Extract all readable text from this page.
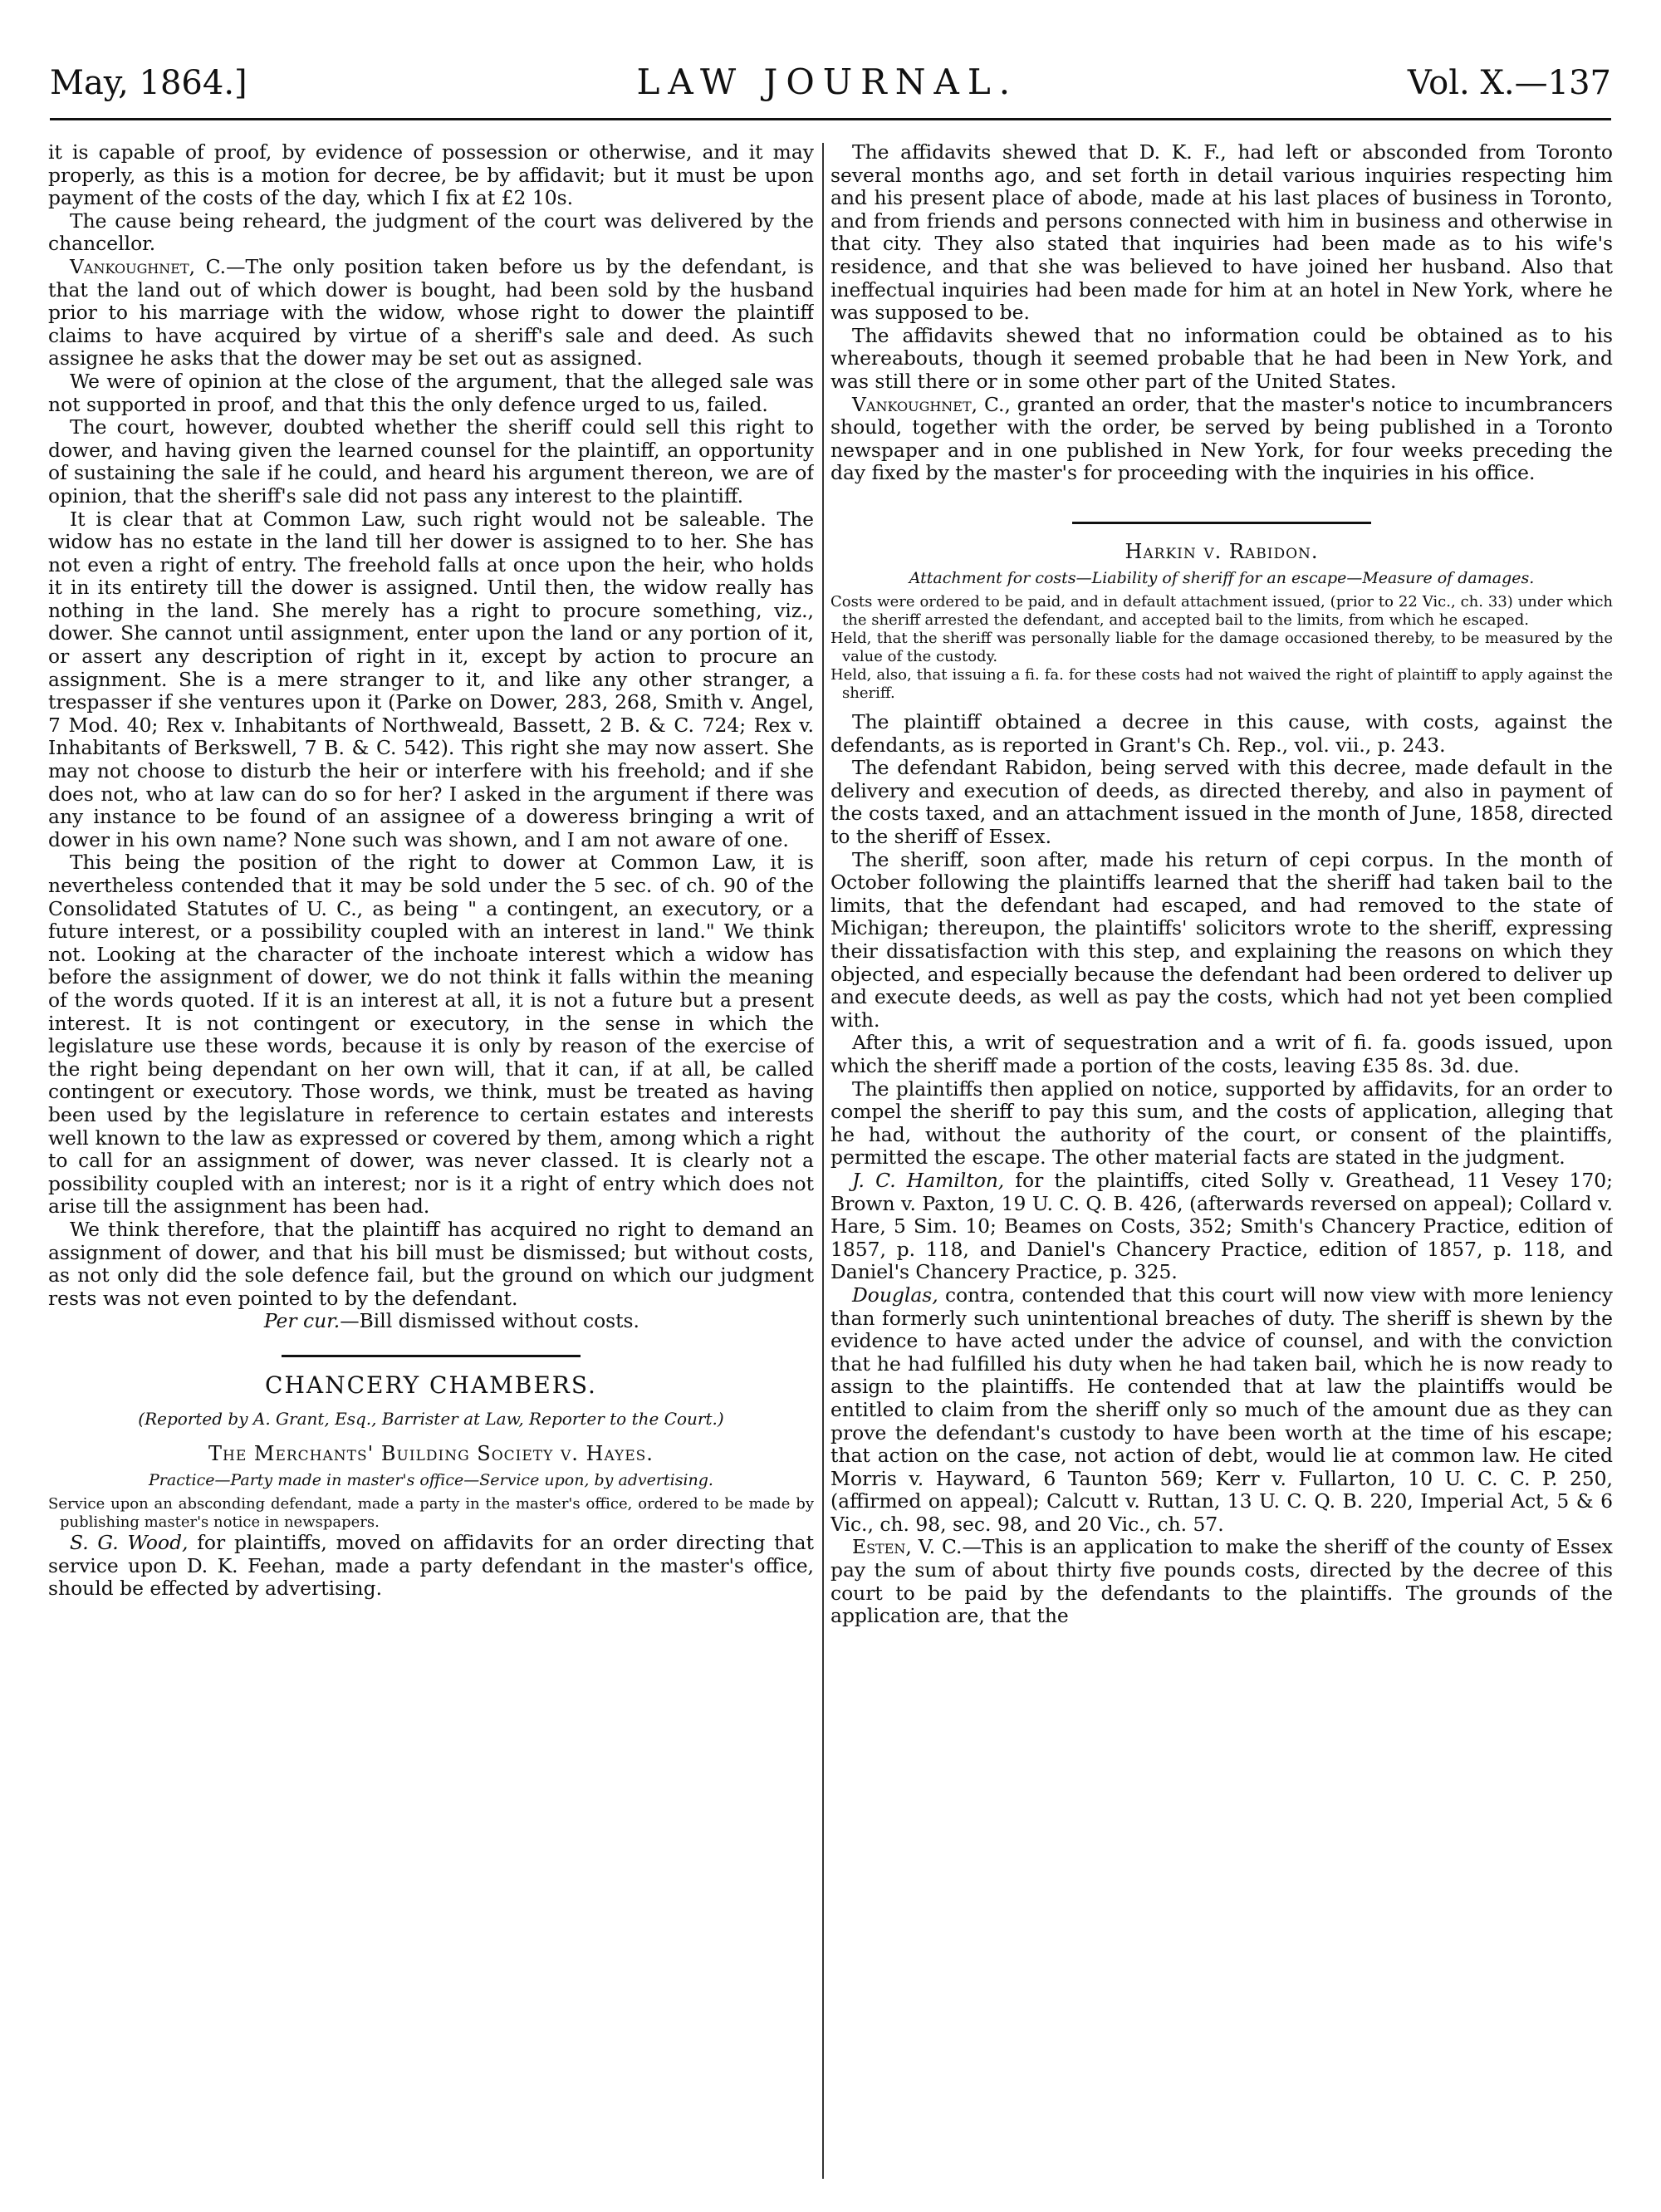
May, 1864.]	LAW JOURNAL.	Vol. X.—137

it is capable of proof, by evidence of possession or otherwise, and it may properly, as this is a motion for decree, be by affidavit; but it must be upon payment of the costs of the day, which I fix at £2 10s.

The cause being reheard, the judgment of the court was delivered by the chancellor.

Vankoughnet, C.—The only position taken before us by the defendant, is that the land out of which dower is bought, had been sold by the husband prior to his marriage with the widow, whose right to dower the plaintiff claims to have acquired by virtue of a sheriff's sale and deed. As such assignee he asks that the dower may be set out as assigned.

We were of opinion at the close of the argument, that the alleged sale was not supported in proof, and that this the only defence urged to us, failed.

The court, however, doubted whether the sheriff could sell this right to dower, and having given the learned counsel for the plaintiff, an opportunity of sustaining the sale if he could, and heard his argument thereon, we are of opinion, that the sheriff's sale did not pass any interest to the plaintiff.

It is clear that at Common Law, such right would not be saleable. The widow has no estate in the land till her dower is assigned to to her. She has not even a right of entry. The freehold falls at once upon the heir, who holds it in its entirety till the dower is assigned. Until then, the widow really has nothing in the land. She merely has a right to procure something, viz., dower. She cannot until assignment, enter upon the land or any portion of it, or assert any description of right in it, except by action to procure an assignment. She is a mere stranger to it, and like any other stranger, a trespasser if she ventures upon it (Parke on Dower, 283, 268, Smith v. Angel, 7 Mod. 40; Rex v. Inhabitants of Northweald, Bassett, 2 B. & C. 724; Rex v. Inhabitants of Berkswell, 7 B. & C. 542). This right she may now assert. She may not choose to disturb the heir or interfere with his freehold; and if she does not, who at law can do so for her? I asked in the argument if there was any instance to be found of an assignee of a doweress bringing a writ of dower in his own name? None such was shown, and I am not aware of one.

This being the position of the right to dower at Common Law, it is nevertheless contended that it may be sold under the 5 sec. of ch. 90 of the Consolidated Statutes of U. C., as being " a contingent, an executory, or a future interest, or a possibility coupled with an interest in land." We think not. Looking at the character of the inchoate interest which a widow has before the assignment of dower, we do not think it falls within the meaning of the words quoted. If it is an interest at all, it is not a future but a present interest. It is not contingent or executory, in the sense in which the legislature use these words, because it is only by reason of the exercise of the right being dependant on her own will, that it can, if at all, be called contingent or executory. Those words, we think, must be treated as having been used by the legislature in reference to certain estates and interests well known to the law as expressed or covered by them, among which a right to call for an assignment of dower, was never classed. It is clearly not a possibility coupled with an interest; nor is it a right of entry which does not arise till the assignment has been had.

We think therefore, that the plaintiff has acquired no right to demand an assignment of dower, and that his bill must be dismissed; but without costs, as not only did the sole defence fail, but the ground on which our judgment rests was not even pointed to by the defendant.

Per cur.—Bill dismissed without costs.

CHANCERY CHAMBERS.

(Reported by A. Grant, Esq., Barrister at Law, Reporter to the Court.)

The Merchants' Building Society v. Hayes.

Practice—Party made in master's office—Service upon, by advertising.

Service upon an absconding defendant, made a party in the master's office, ordered to be made by publishing master's notice in newspapers.

S. G. Wood, for plaintiffs, moved on affidavits for an order directing that service upon D. K. Feehan, made a party defendant in the master's office, should be effected by advertising.

The affidavits shewed that D. K. F., had left or absconded from Toronto several months ago, and set forth in detail various inquiries respecting him and his present place of abode, made at his last places of business in Toronto, and from friends and persons connected with him in business and otherwise in that city. They also stated that inquiries had been made as to his wife's residence, and that she was believed to have joined her husband. Also that ineffectual inquiries had been made for him at an hotel in New York, where he was supposed to be.

The affidavits shewed that no information could be obtained as to his whereabouts, though it seemed probable that he had been in New York, and was still there or in some other part of the United States.

Vankoughnet, C., granted an order, that the master's notice to incumbrancers should, together with the order, be served by being published in a Toronto newspaper and in one published in New York, for four weeks preceding the day fixed by the master's for proceeding with the inquiries in his office.

Harkin v. Rabidon.

Attachment for costs—Liability of sheriff for an escape—Measure of damages.

Costs were ordered to be paid, and in default attachment issued, (prior to 22 Vic., ch. 33) under which the sheriff arrested the defendant, and accepted bail to the limits, from which he escaped.

Held, that the sheriff was personally liable for the damage occasioned thereby, to be measured by the value of the custody.

Held, also, that issuing a fi. fa. for these costs had not waived the right of plaintiff to apply against the sheriff.

The plaintiff obtained a decree in this cause, with costs, against the defendants, as is reported in Grant's Ch. Rep., vol. vii., p. 243.

The defendant Rabidon, being served with this decree, made default in the delivery and execution of deeds, as directed thereby, and also in payment of the costs taxed, and an attachment issued in the month of June, 1858, directed to the sheriff of Essex.

The sheriff, soon after, made his return of cepi corpus. In the month of October following the plaintiffs learned that the sheriff had taken bail to the limits, that the defendant had escaped, and had removed to the state of Michigan; thereupon, the plaintiffs' solicitors wrote to the sheriff, expressing their dissatisfaction with this step, and explaining the reasons on which they objected, and especially because the defendant had been ordered to deliver up and execute deeds, as well as pay the costs, which had not yet been complied with.

After this, a writ of sequestration and a writ of fi. fa. goods issued, upon which the sheriff made a portion of the costs, leaving £35 8s. 3d. due.

The plaintiffs then applied on notice, supported by affidavits, for an order to compel the sheriff to pay this sum, and the costs of application, alleging that he had, without the authority of the court, or consent of the plaintiffs, permitted the escape. The other material facts are stated in the judgment.

J. C. Hamilton, for the plaintiffs, cited Solly v. Greathead, 11 Vesey 170; Brown v. Paxton, 19 U. C. Q. B. 426, (afterwards reversed on appeal); Collard v. Hare, 5 Sim. 10; Beames on Costs, 352; Smith's Chancery Practice, edition of 1857, p. 118, and Daniel's Chancery Practice, edition of 1857, p. 118, and Daniel's Chancery Practice, p. 325.

Douglas, contra, contended that this court will now view with more leniency than formerly such unintentional breaches of duty. The sheriff is shewn by the evidence to have acted under the advice of counsel, and with the conviction that he had fulfilled his duty when he had taken bail, which he is now ready to assign to the plaintiffs. He contended that at law the plaintiffs would be entitled to claim from the sheriff only so much of the amount due as they can prove the defendant's custody to have been worth at the time of his escape; that action on the case, not action of debt, would lie at common law. He cited Morris v. Hayward, 6 Taunton 569; Kerr v. Fullarton, 10 U. C. C. P. 250, (affirmed on appeal); Calcutt v. Ruttan, 13 U. C. Q. B. 220, Imperial Act, 5 & 6 Vic., ch. 98, sec. 98, and 20 Vic., ch. 57.

Esten, V. C.—This is an application to make the sheriff of the county of Essex pay the sum of about thirty five pounds costs, directed by the decree of this court to be paid by the defendants to the plaintiffs. The grounds of the application are, that the
